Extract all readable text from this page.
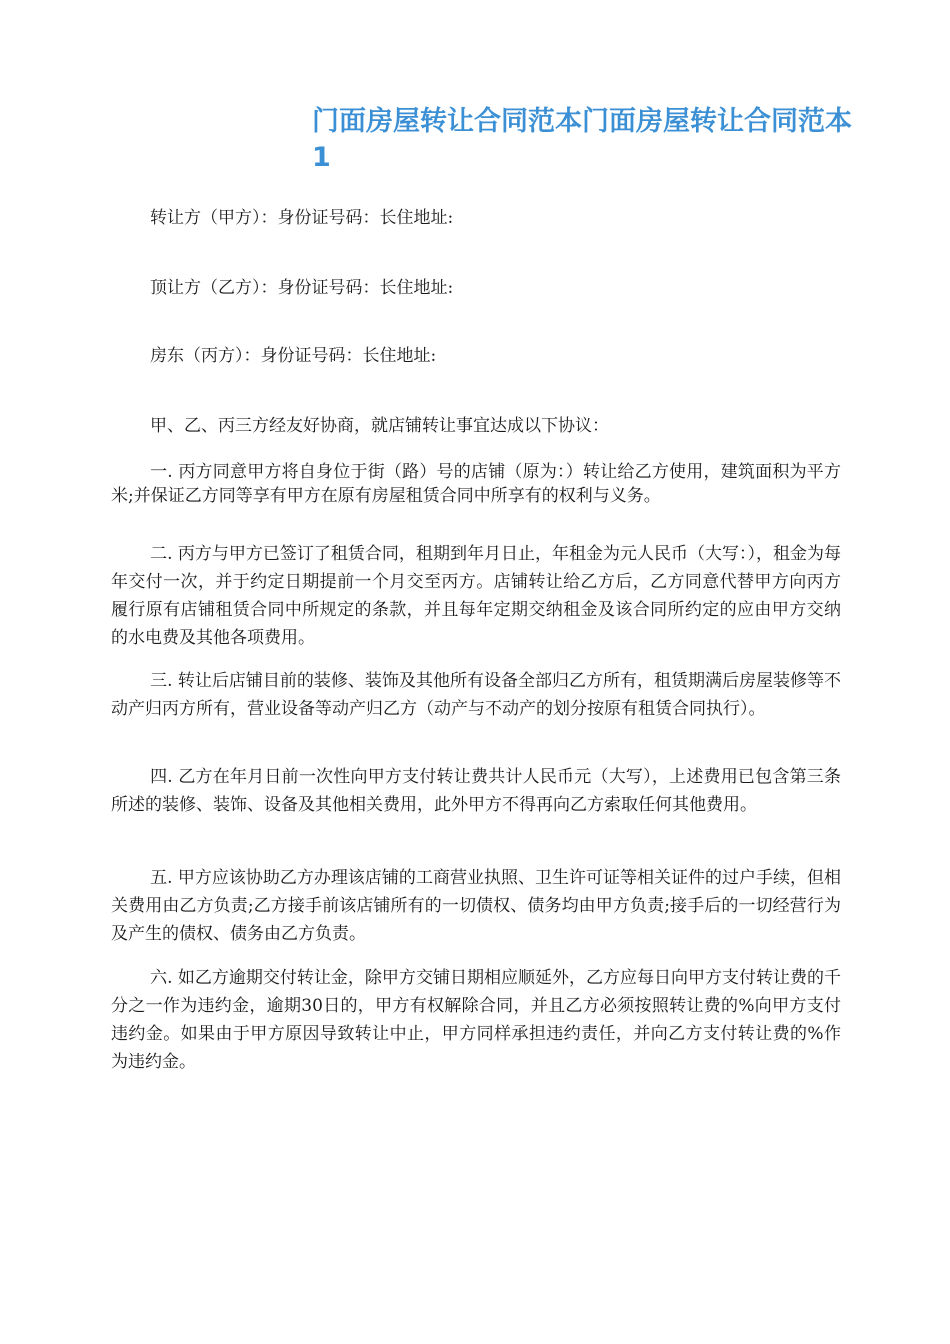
门面房屋转让合同范本门面房屋转让合同范本 1

转让方（甲方）：身份证号码：长住地址:

顶让方（乙方）：身份证号码：长住地址:

房东（丙方）：身份证号码：长住地址:

甲、乙、丙三方经友好协商，就店铺转让事宜达成以下协议：

一. 丙方同意甲方将自身位于街（路）号的店铺（原为：）转让给乙方使用，建筑面积为平方米;并保证乙方同等享有甲方在原有房屋租赁合同中所享有的权利与义务。

二. 丙方与甲方已签订了租赁合同，租期到年月日止，年租金为元人民币（大写：），租金为每年交付一次，并于约定日期提前一个月交至丙方。店铺转让给乙方后，乙方同意代替甲方向丙方履行原有店铺租赁合同中所规定的条款，并且每年定期交纳租金及该合同所约定的应由甲方交纳的水电费及其他各项费用。

三. 转让后店铺目前的装修、装饰及其他所有设备全部归乙方所有，租赁期满后房屋装修等不动产归丙方所有，营业设备等动产归乙方（动产与不动产的划分按原有租赁合同执行）。

四. 乙方在年月日前一次性向甲方支付转让费共计人民币元（大写），上述费用已包含第三条所述的装修、装饰、设备及其他相关费用，此外甲方不得再向乙方索取任何其他费用。

五. 甲方应该协助乙方办理该店铺的工商营业执照、卫生许可证等相关证件的过户手续，但相关费用由乙方负责;乙方接手前该店铺所有的一切债权、债务均由甲方负责;接手后的一切经营行为及产生的债权、债务由乙方负责。

六. 如乙方逾期交付转让金，除甲方交铺日期相应顺延外，乙方应每日向甲方支付转让费的千分之一作为违约金，逾期30日的，甲方有权解除合同，并且乙方必须按照转让费的%向甲方支付违约金。如果由于甲方原因导致转让中止，甲方同样承担违约责任，并向乙方支付转让费的%作为违约金。
